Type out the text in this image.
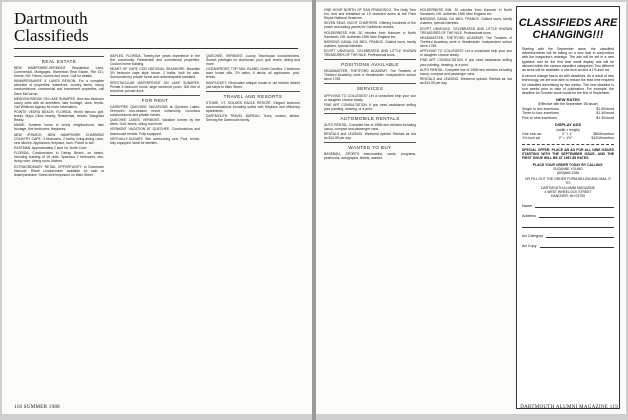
Dartmouth
Classifieds
REAL ESTATE

NEW HAMPSHIRE-VERMONT. Residential, Land, Commercial, Mortgages. Warrenton Real Estate, Rte 101, Keene, NH. Farms, homes and more. Call for details.

WINNIPESAUKEE & LAKES REGION. For a complete selection of properties: waterfront, country farms, luxury condominiums, commercial and investment properties, call Dave McCarron.

MEADOW BROOK ON LAKE SUNAPEE. New two bedroom luxury units with all amenities, lake frontage, dock, tennis. Call Whitman Agency for more information.

POINTE VEDRA BEACH, FLORIDA. World famous golf, tennis, Mayo Clinic nearby. Residential, rentals. Sawgrass Realty.

MAINE. Summer home in lovely neighborhood, lake frontage, five bedrooms, fireplaces.

NEW IPSWICH, NEW HAMPSHIRE CHARMING COUNTRY CAPE. 3 bedrooms, 2 baths, living-dining room, new kitchen. Appliances, fireplace, barn. Priced to sell.

EASTMAN. Approximately 2 acre lot, North Cove.

FLORIDA. Condominium in Delray Beach, on beach, including building of 16 units. Spacious 2 bedrooms, den, living room, dining room, kitchen.

EXTRAORDINARY RETAIL OPPORTUNITY in Downtown Hanover. Retail condominium available for sale or lease/purchase. Street-level exposure on Main Street.

NAPLES, FLORIDA. Twenty-five years experience in the fine community. Residential and commercial properties. Custom home building.

HEART OF CAPE COD NATIONAL SEASHORE. Beautiful 3½ bedroom cape style house. 2 baths, built for sale. Surrounded by private forest and undevelopable parkland.

SPECTACULAR WATERFRONT ON LAKE SUNAPEE. Private 4 bedroom home, large screened porch, 300 feet of shoreline, private dock.

FOR RENT

CAREFREE QUECHEE VACATIONS at Quechee Lakes. Vermont's four-season resort community. Luxurious condominiums and private homes.

QUECHEE LAKES, VERMONT. Vacation homes by the week. Golf, tennis, skiing and more.

VERMONT VACATION AT QUECHEE. Condominium and townhouse rentals. Fully equipped.

VIRTUALLY-SUGARY. Site overlooking sea. Pool, tennis, fully equipped. Ideal for families.

QUECHEE, VERMONT. Luxury Townhouse condominiums. Sunset privileges for clubhouse, pool, golf, tennis, dining and more.

OCEANFRONT, TOP SAIL ISLAND, North Carolina. 2 bedroom town house villa, 2½ baths, 6 decks, all appliances, pool, tennis.

NANTUCKET. Renovated antique house in old historic district just steps to Main Street.

TRAVEL AND RESORTS

STOWE, VT. GOLDEN EAGLE RESORT. Elegant bedroom accommodations including suites with fireplace and efficiency apartments.

DARTMOUTH TRAVEL BUREAU. Tours, cruises, airfare. Serving the Dartmouth family.

118 SUMMER 1988

ONE HOUR NORTH OF SAN FRANCISCO. The Holly Tree Inn, bed and breakfast on 19 secluded acres at the Point Reyes National Seashore.

SEVEN SEAS YACHT CHARTERS. Offering hundreds of the power and sailing yachts for Caribbean cruises.

HOLDERNESS INN. 30 minutes from Hanover in North Sandwich, NH. Authentic 1890 New England inn.

BARGING CANAL DU MIDI, FRANCE. Guided tours, family charters, special interests.

EGYPT UNVEILED. CELEBRATED AND LITTLE KNOWN TREASURES OF THE NILE. Professional tours.

POSITIONS AVAILABLE

HEADMASTER, THETFORD ACADEMY. The Trustees of Thetford Academy seek a Headmaster. Independent school since 1789.

SERVICES

APPLYING TO COLLEGES? Let a consultant help your son or daughter choose wisely.

FINE ART CONSULTATION. If you need assistance selling your painting, drawing, or a print.

AUTOMOBILE RENTALS

AUTO RENTAL. Complete line of 1988 new vehicles including luxury, compact and passenger vans.

RENTALS and LEASING. Weekend special. Rentals as low as $14.95 per day.

WANTED TO BUY

BASEBALL SPORTS memorabilia, cards, programs, yearbooks, autographs, tickets, wanted.

HOLDERNESS INN. 30 minutes from Hanover in North Sandwich, NH. Authentic 1890 New England inn.

BARGING CANAL DU MIDI, FRANCE. Guided tours, family charters, special interests.

EGYPT UNVEILED. CELEBRATED AND LITTLE KNOWN TREASURES OF THE NILE. Professional tours.

HEADMASTER, THETFORD ACADEMY. The Trustees of Thetford Academy seek a Headmaster. Independent school since 1789.

APPLYING TO COLLEGES? Let a consultant help your son or daughter choose wisely.

FINE ART CONSULTATION. If you need assistance selling your painting, drawing, or a print.

AUTO RENTAL. Complete line of 1988 new vehicles including luxury, compact and passenger vans.

RENTALS and LEASING. Weekend special. Rentals as low as $14.95 per day.

CLASSIFIEDS ARE CHANGING!!!

Starting with the September issue, the classified advertisements will be taking on a new look in conjunction with the magazine's redesign. The ads will be set in a new typeface and for the first time small display ads will be allowed within the various classified categories! Two different ad sizes will be available: a one-inch ad and a 1½-inch ad.

A second change has to do with deadlines. As a result of new technology, we are now able to reduce the lead time required for classified advertising by two weeks. The new deadline is four weeks prior to date of publication. For example, the deadline for October issue would be the first of September.

NEW RATES
(Effective with the September '88 issue)
Single to two insertions	$1.50/word
Three to four insertions	$1.40/word
Five to nine insertions	$1.30/word
DISPLAY ADS
(width × length)
One inch ad	2" × 1"	$80/insertion
1½-inch ad	2" × 1½"	$120/insertion

SPECIAL OFFER: PLACE AN AD FOR ALL NINE ISSUES STARTING WITH THE SEPTEMBER ISSUE, AND THE FIRST ISSUE WILL BE AT 1987-88 RATES.

PLACE YOUR ORDER TODAY BY CALLING:
SUZANNE YOUNG
(603)646-2256
OR FILL OUT THE ORDER FORM BELOW AND MAIL IT TO:
DARTMOUTH ALUMNI MAGAZINE
4 WEST WHEELOCK STREET
HANOVER, NH 03755
Name
Address
Ad Category
Ad Copy
DARTMOUTH ALUMNI MAGAZINE 119
